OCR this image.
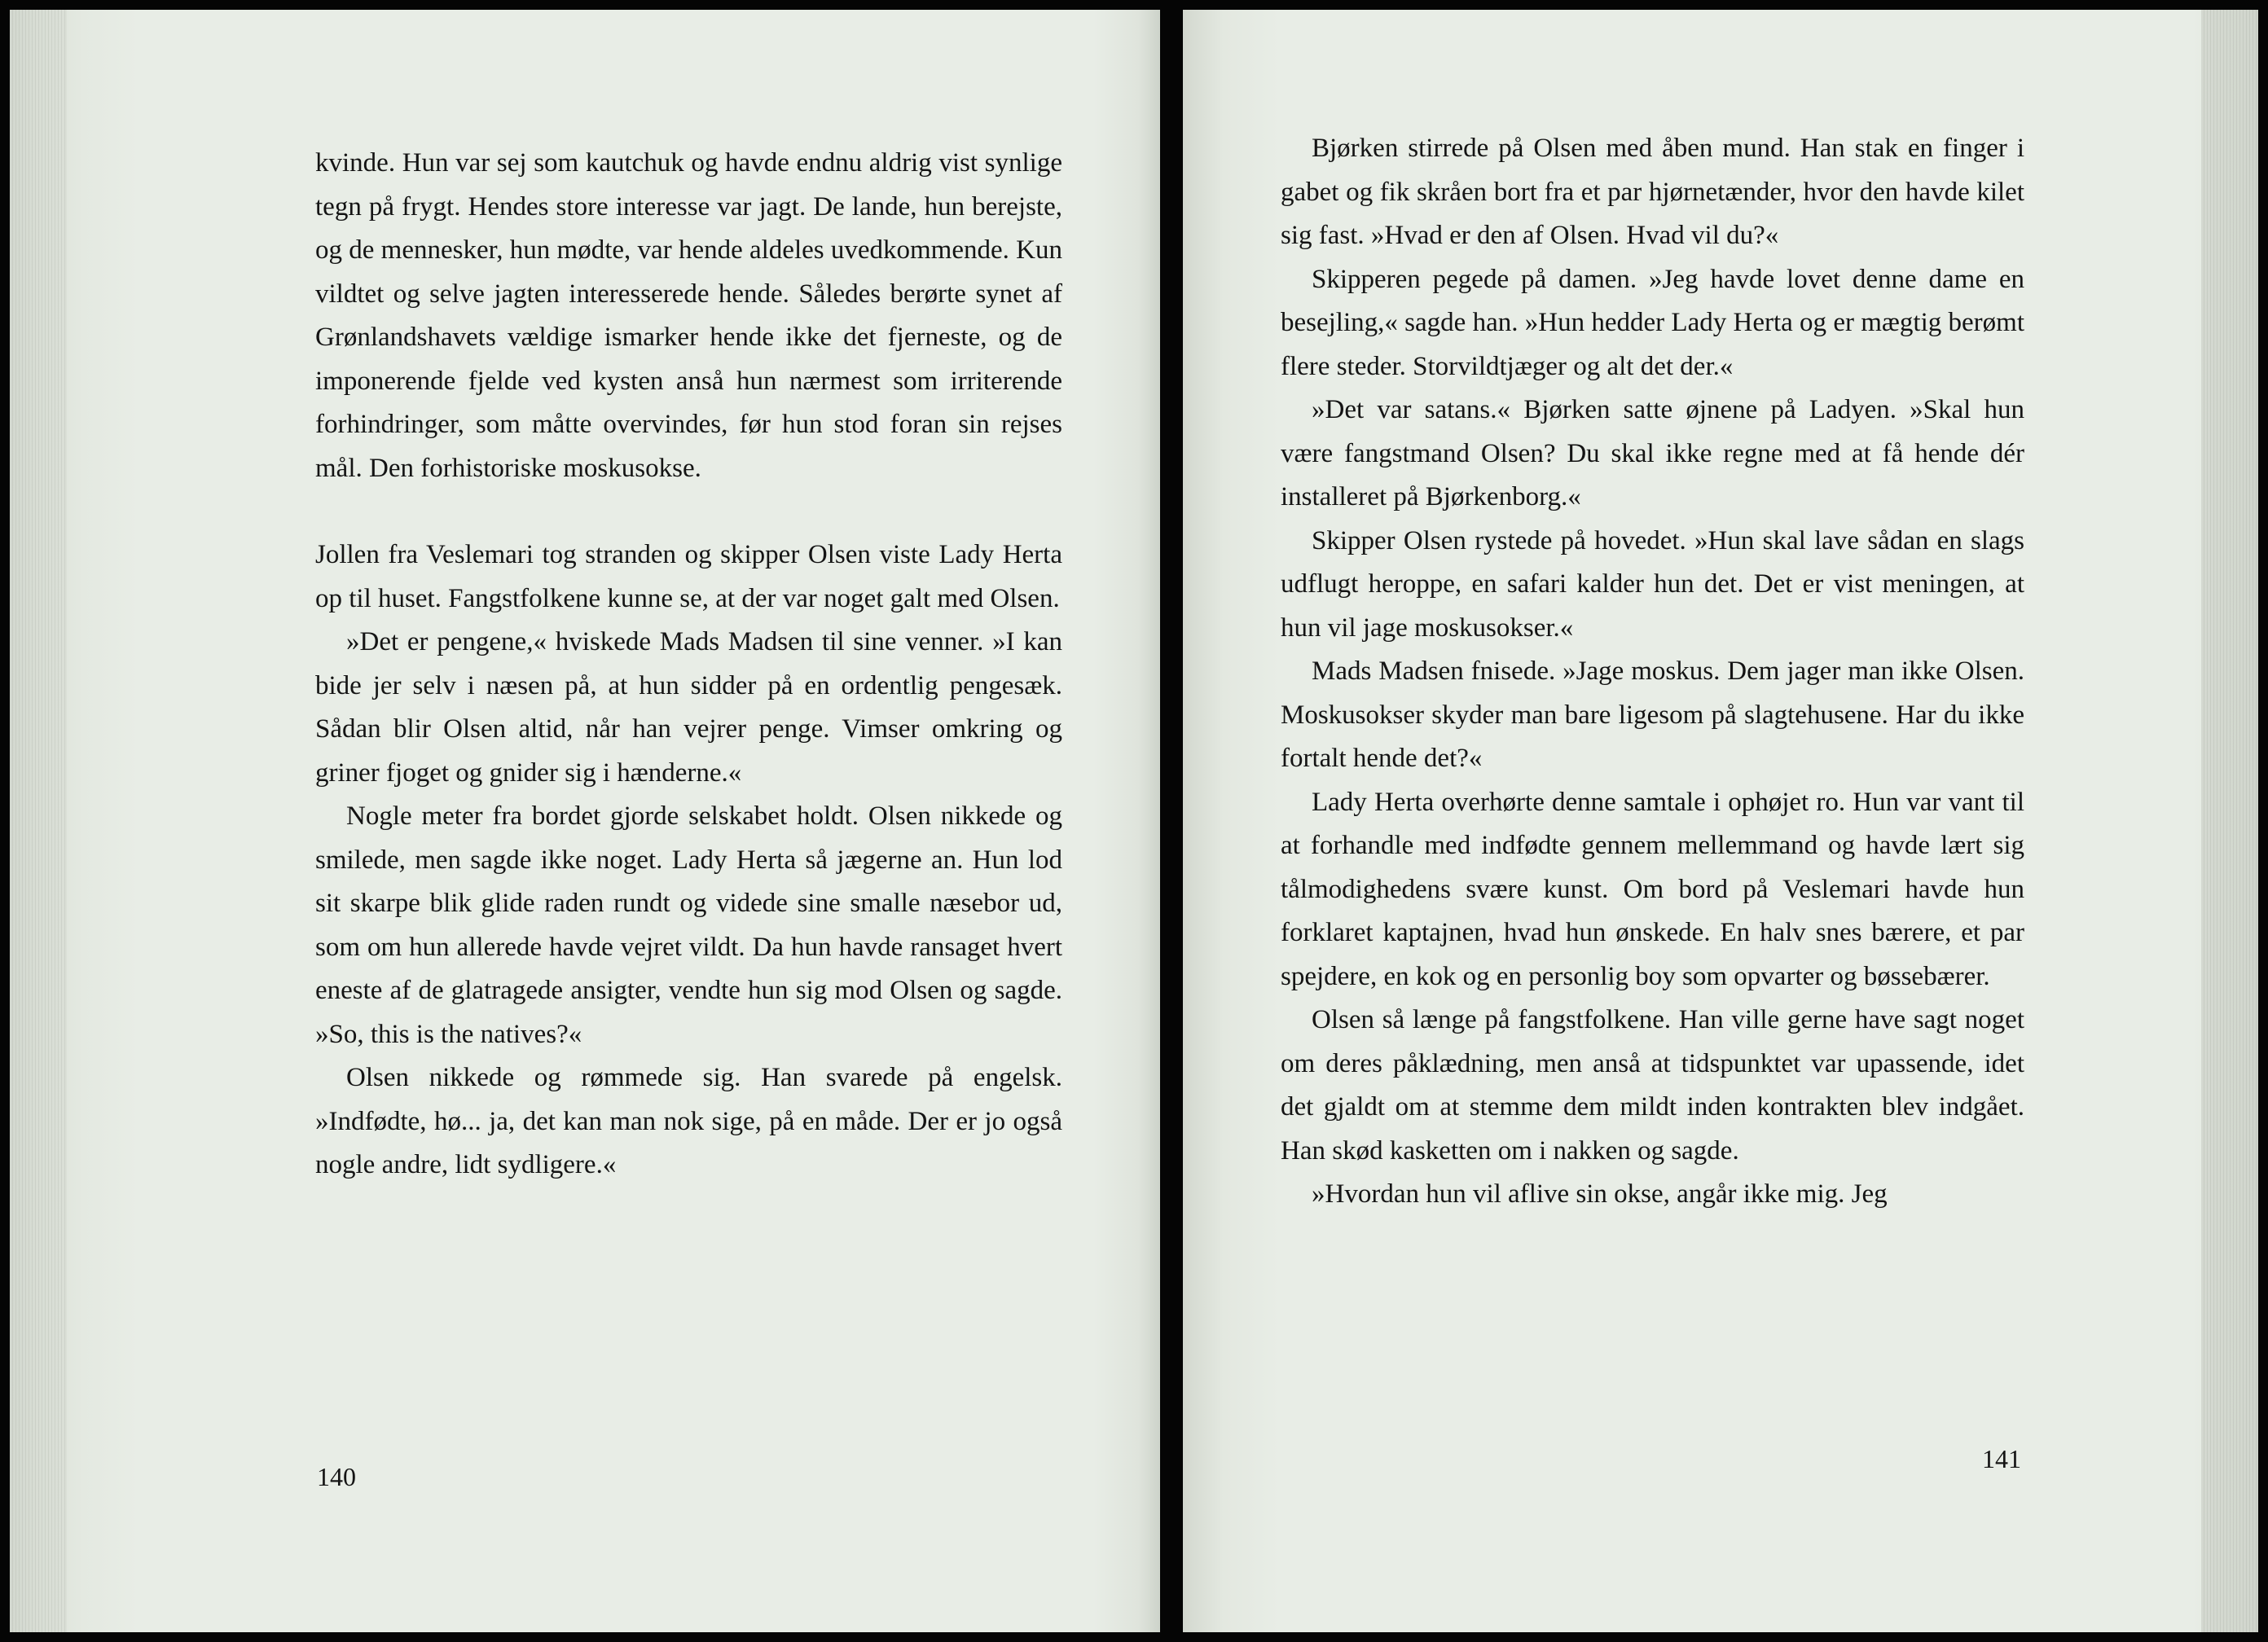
kvinde. Hun var sej som kautchuk og havde endnu aldrig vist synlige tegn på frygt. Hendes store interesse var jagt. De lande, hun berejste, og de mennesker, hun mødte, var hende aldeles uvedkommende. Kun vildtet og selve jagten interesserede hende. Således berørte synet af Grønlandshavets vældige ismarker hende ikke det fjerneste, og de imponerende fjelde ved kysten anså hun nærmest som irriterende forhindringer, som måtte overvindes, før hun stod foran sin rejses mål. Den forhistoriske moskusokse.

Jollen fra Veslemari tog stranden og skipper Olsen viste Lady Herta op til huset. Fangstfolkene kunne se, at der var noget galt med Olsen.

»Det er pengene,« hviskede Mads Madsen til sine venner. »I kan bide jer selv i næsen på, at hun sidder på en ordentlig pengesæk. Sådan blir Olsen altid, når han vejrer penge. Vimser omkring og griner fjoget og gnider sig i hænderne.«

Nogle meter fra bordet gjorde selskabet holdt. Olsen nikkede og smilede, men sagde ikke noget. Lady Herta så jægerne an. Hun lod sit skarpe blik glide raden rundt og videde sine smalle næsebor ud, som om hun allerede havde vejret vildt. Da hun havde ransaget hvert eneste af de glatragede ansigter, vendte hun sig mod Olsen og sagde. »So, this is the natives?«

Olsen nikkede og rømmede sig. Han svarede på engelsk. »Indfødte, hø... ja, det kan man nok sige, på en måde. Der er jo også nogle andre, lidt sydligere.«

140

Bjørken stirrede på Olsen med åben mund. Han stak en finger i gabet og fik skråen bort fra et par hjørnetænder, hvor den havde kilet sig fast. »Hvad er den af Olsen. Hvad vil du?«

Skipperen pegede på damen. »Jeg havde lovet denne dame en besejling,« sagde han. »Hun hedder Lady Herta og er mægtig berømt flere steder. Storvildtjæger og alt det der.«

»Det var satans.« Bjørken satte øjnene på Ladyen. »Skal hun være fangstmand Olsen? Du skal ikke regne med at få hende dér installeret på Bjørkenborg.«

Skipper Olsen rystede på hovedet. »Hun skal lave sådan en slags udflugt heroppe, en safari kalder hun det. Det er vist meningen, at hun vil jage moskusokser.«

Mads Madsen fnisede. »Jage moskus. Dem jager man ikke Olsen. Moskusokser skyder man bare ligesom på slagtehusene. Har du ikke fortalt hende det?«

Lady Herta overhørte denne samtale i ophøjet ro. Hun var vant til at forhandle med indfødte gennem mellemmand og havde lært sig tålmodighedens svære kunst. Om bord på Veslemari havde hun forklaret kaptajnen, hvad hun ønskede. En halv snes bærere, et par spejdere, en kok og en personlig boy som opvarter og bøssebærer.

Olsen så længe på fangstfolkene. Han ville gerne have sagt noget om deres påklædning, men anså at tidspunktet var upassende, idet det gjaldt om at stemme dem mildt inden kontrakten blev indgået. Han skød kasketten om i nakken og sagde.

»Hvordan hun vil aflive sin okse, angår ikke mig. Jeg

141
